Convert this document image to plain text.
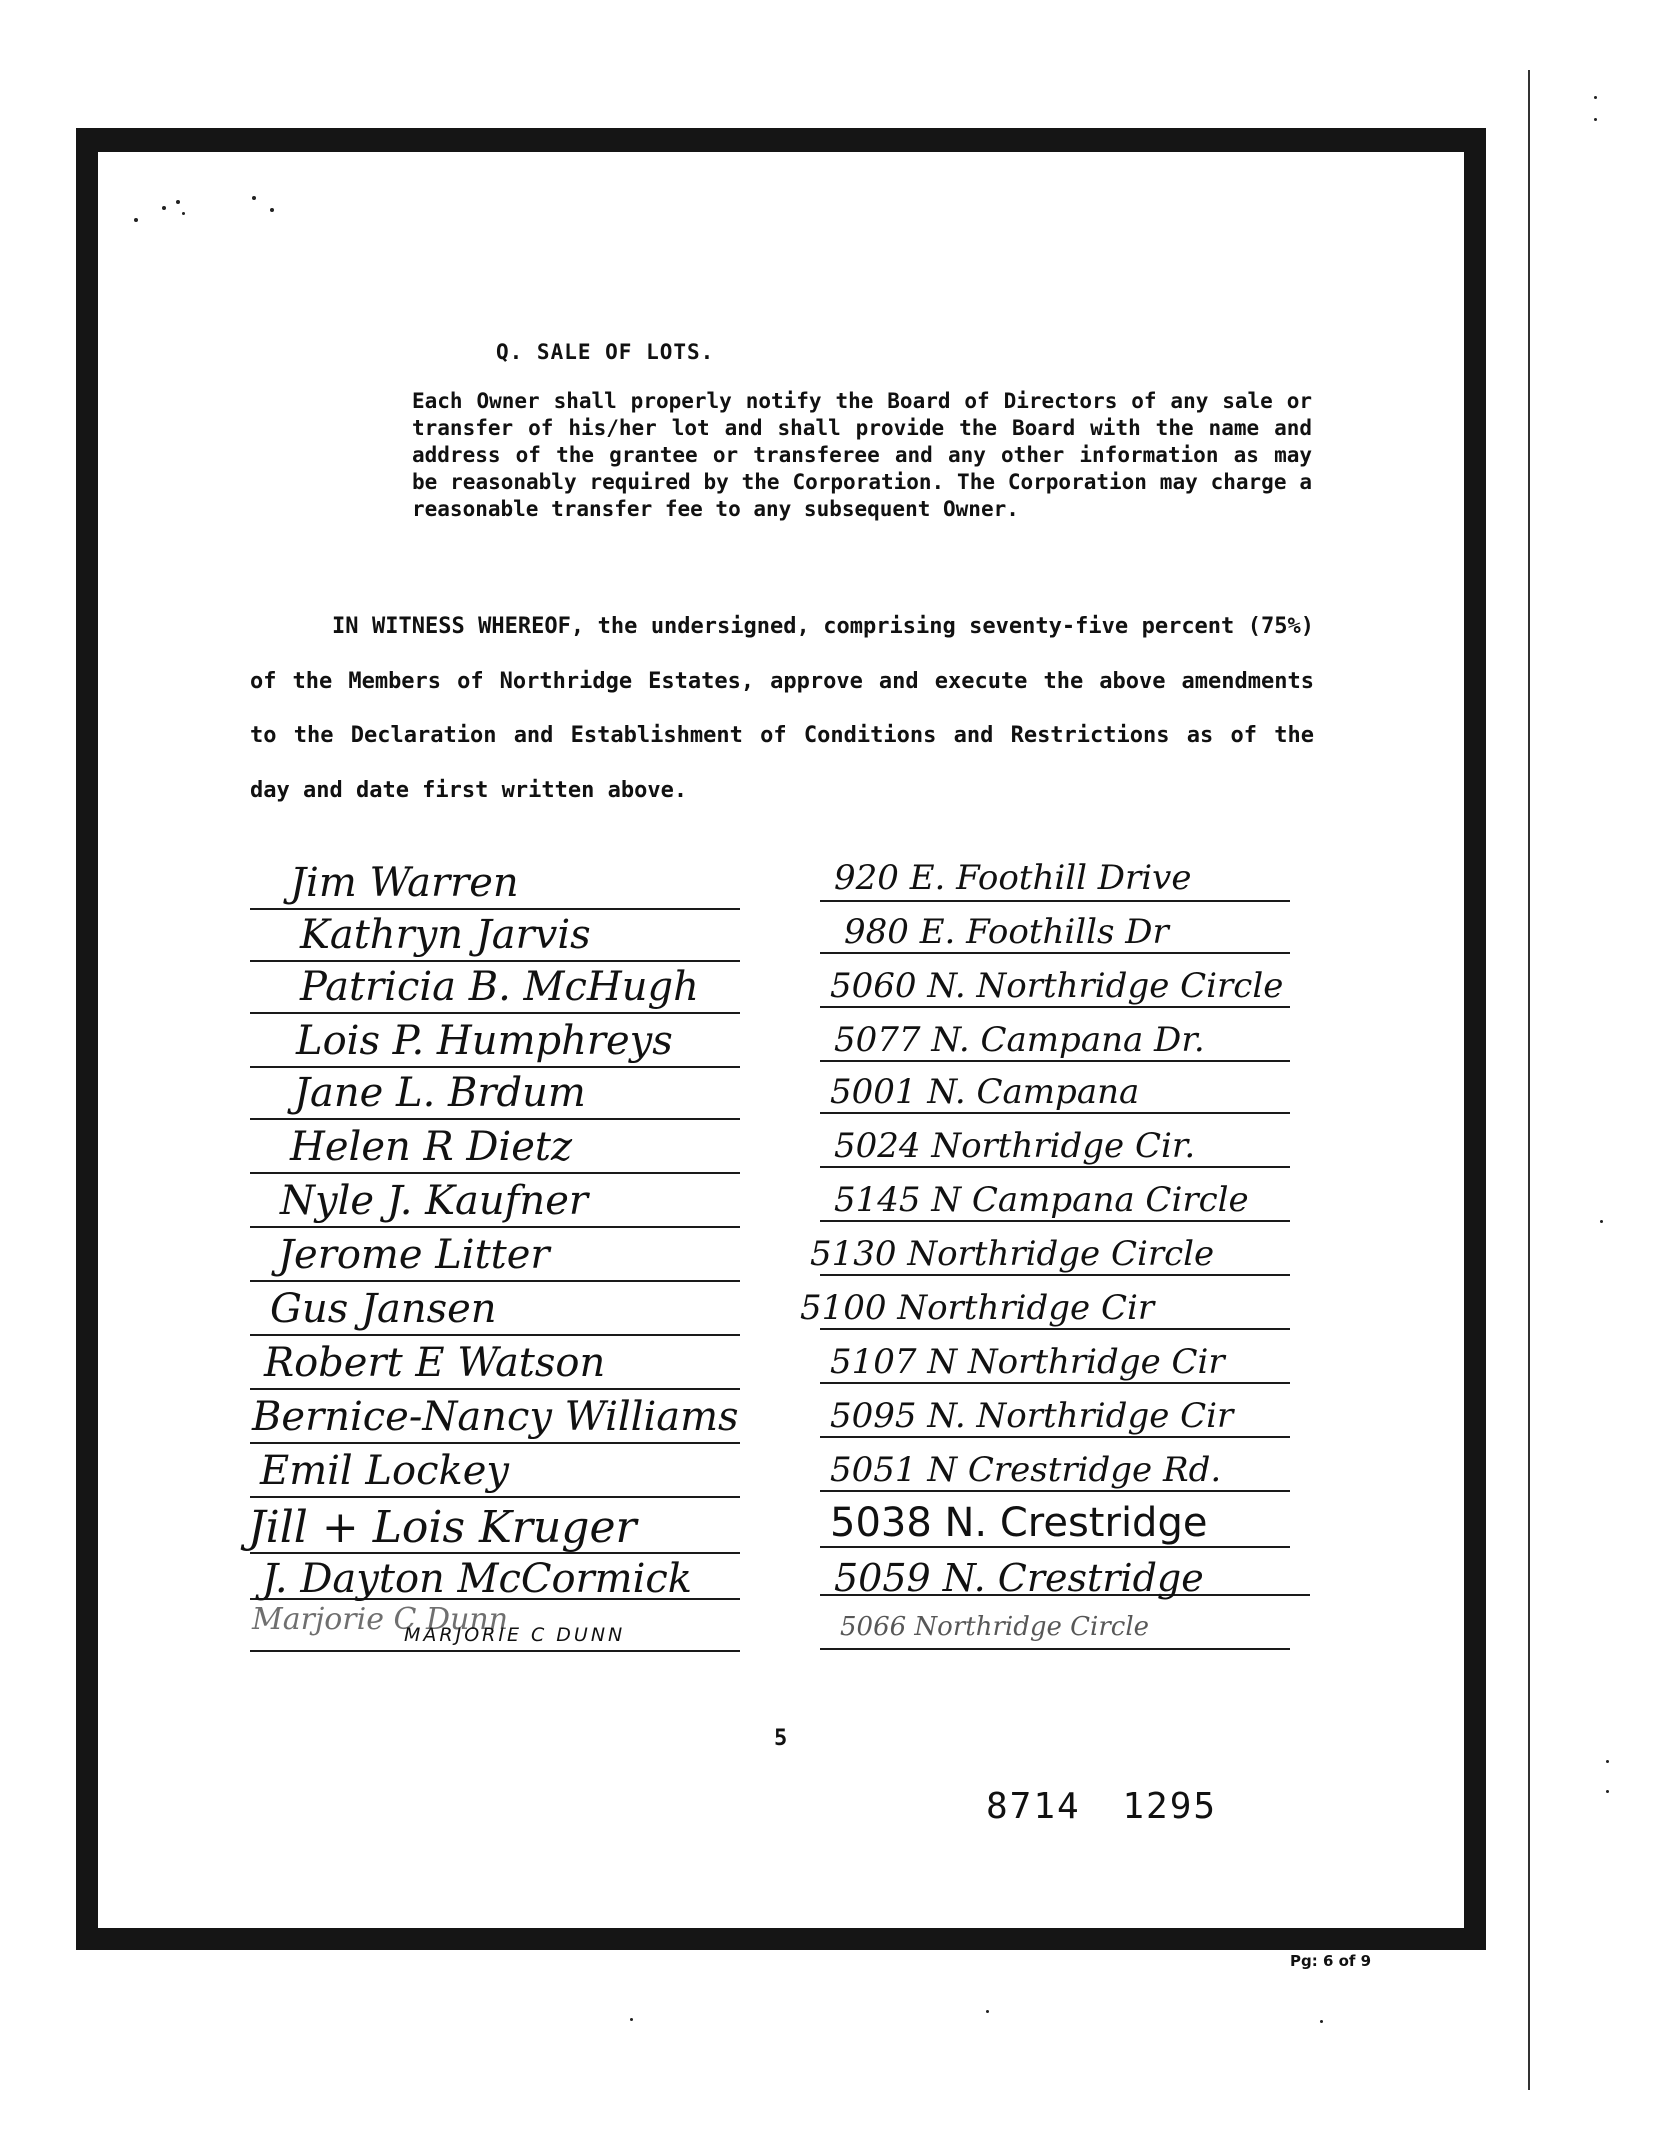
Q. SALE OF LOTS.
Each Owner shall properly notify the Board of Directors of any sale or transfer of his/her lot and shall provide the Board with the name and address of the grantee or transferee and any other information as may be reasonably required by the Corporation. The Corporation may charge a reasonable transfer fee to any subsequent Owner.
IN WITNESS WHEREOF, the undersigned, comprising seventy-five percent (75%) of the Members of Northridge Estates, approve and execute the above amendments to the Declaration and Establishment of Conditions and Restrictions as of the day and date first written above.
Jim Warren
Kathryn Jarvis
Patricia B. McHugh
Lois P. Humphreys
Jane L. Brdum
Helen R Dietz
Nyle J. Kaufner
Jerome Litter
Gus Jansen
Robert E Watson
Bernice-Nancy Williams
Emil Lockey
Jill + Lois Kruger
J. Dayton McCormick
Marjorie C Dunn
MARJORIE C DUNN
920 E. Foothill Drive
980 E. Foothills Dr
5060 N. Northridge Circle
5077 N. Campana Dr.
5001 N. Campana
5024 Northridge Cir.
5145 N Campana Circle
5130 Northridge Circle
5100 Northridge Cir
5107 N Northridge Cir
5095 N. Northridge Cir
5051 N Crestridge Rd.
5038 N. Crestridge
5059 N. Crestridge
5066 Northridge Circle
5
8714 1295
Pg: 6 of 9
